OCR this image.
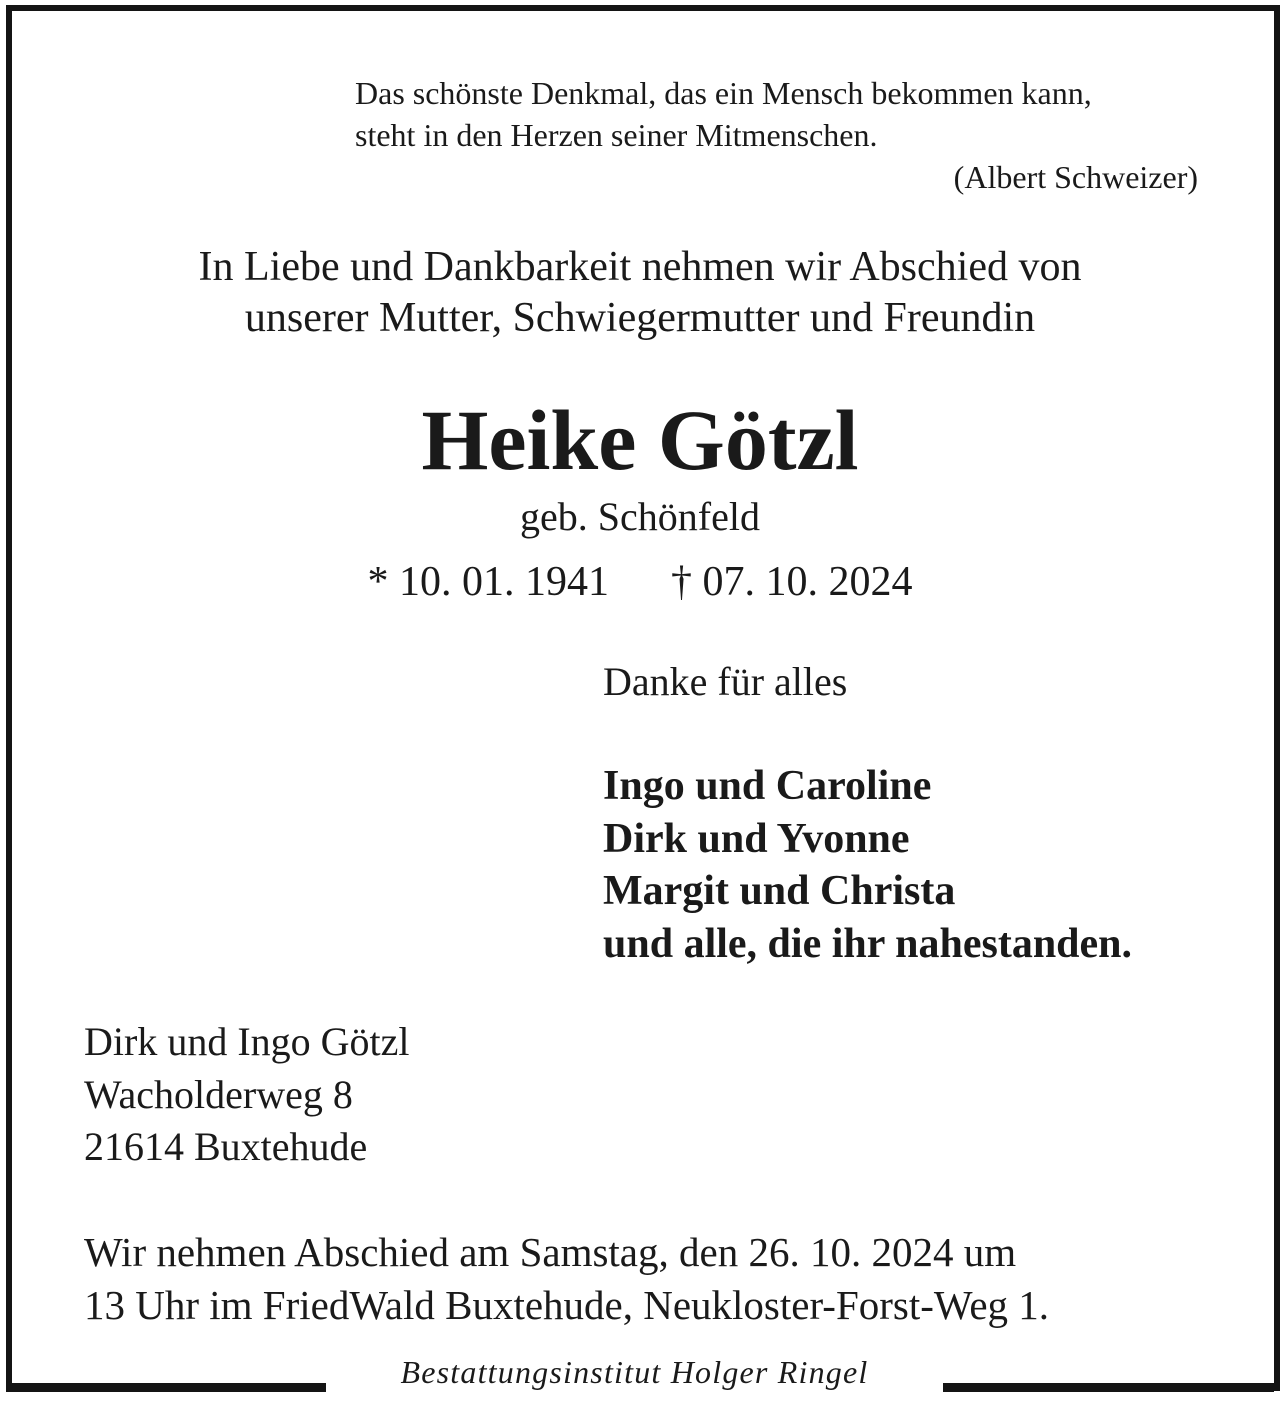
Das schönste Denkmal, das ein Mensch bekommen kann,
steht in den Herzen seiner Mitmenschen.
(Albert Schweizer)
In Liebe und Dankbarkeit nehmen wir Abschied von
unserer Mutter, Schwiegermutter und Freundin
Heike Götzl
geb. Schönfeld
* 10. 01. 1941 † 07. 10. 2024
Danke für alles
Ingo und Caroline
Dirk und Yvonne
Margit und Christa
und alle, die ihr nahestanden.
Dirk und Ingo Götzl
Wacholderweg 8
21614 Buxtehude
Wir nehmen Abschied am Samstag, den 26. 10. 2024 um
13 Uhr im FriedWald Buxtehude, Neukloster-Forst-Weg 1.
Bestattungsinstitut Holger Ringel
